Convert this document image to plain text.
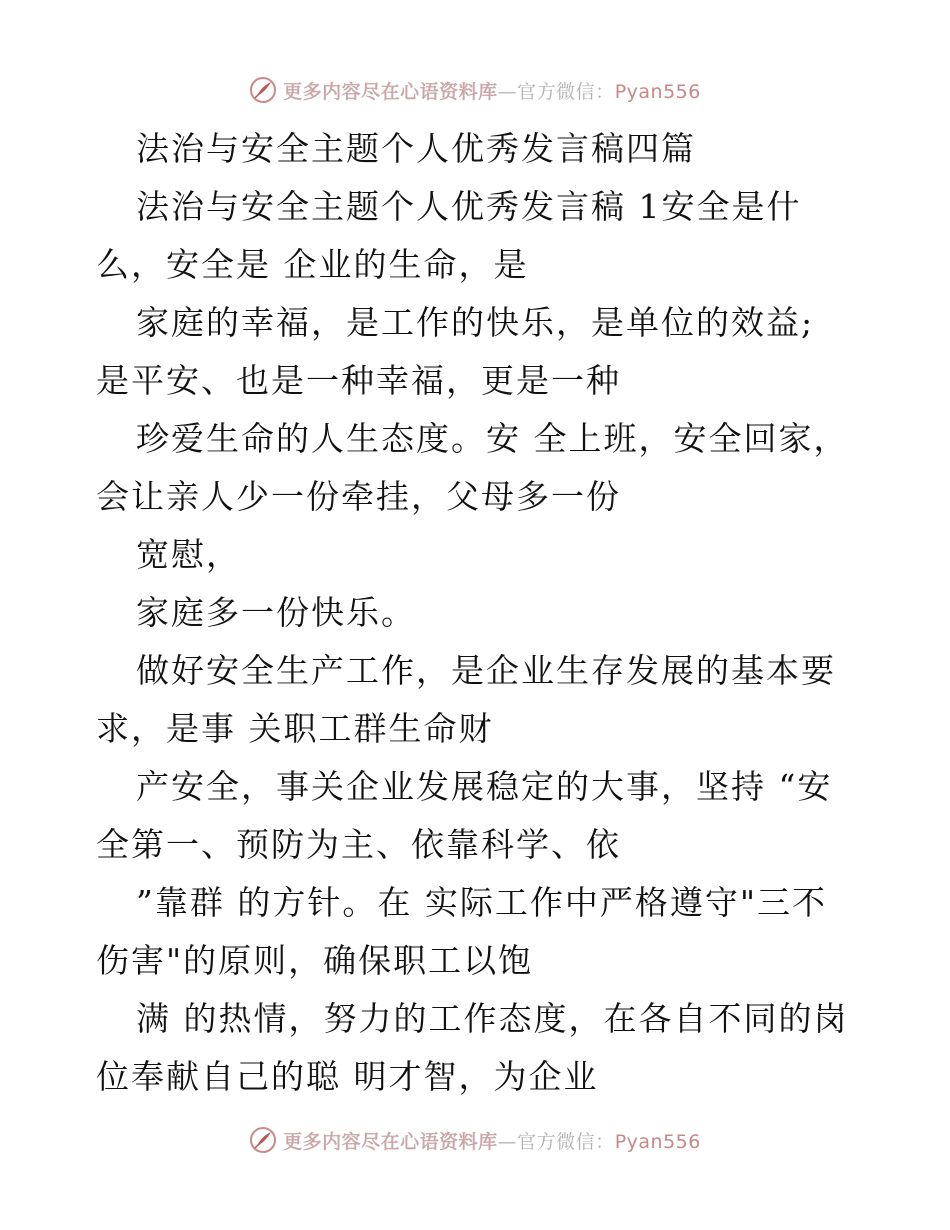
更多内容尽在心语资料库—官方微信：Pyan556
法治与安全主题个人优秀发言稿四篇
法治与安全主题个人优秀发言稿 1安全是什
么，安全是 企业的生命，是
家庭的幸福，是工作的快乐，是单位的效益;
是平安、也是一种幸福，更是一种
珍爱生命的人生态度。安 全上班，安全回家，
会让亲人少一份牵挂，父母多一份
宽慰，
家庭多一份快乐。
做好安全生产工作，是企业生存发展的基本要
求，是事 关职工群生命财
产安全，事关企业发展稳定的大事，坚持 “安
全第一、预防为主、依靠科学、依
”靠群 的方针。在 实际工作中严格遵守"三不
伤害"的原则，确保职工以饱
满 的热情，努力的工作态度，在各自不同的岗
位奉献自己的聪 明才智，为企业
更多内容尽在心语资料库—官方微信：Pyan556
